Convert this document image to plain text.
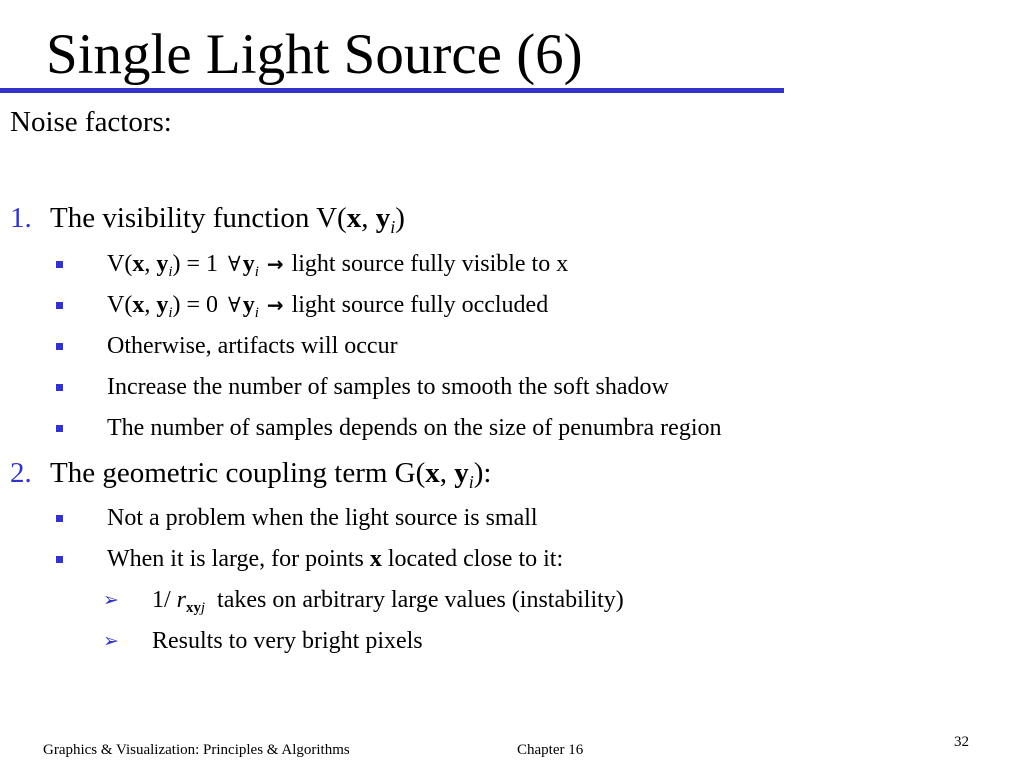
Single Light Source (6)
Noise factors:
1. The visibility function V(x, $y_i$)
V(x, $y_i) = 1$ $\forall y_i$ → light source fully visible to x
V(x, $y_i) = 0$ $\forall y_i$ → light source fully occluded
Otherwise, artifacts will occur
Increase the number of samples to smooth the soft shadow
The number of samples depends on the size of penumbra region
2. The geometric coupling term G(x, $y_i$):
Not a problem when the light source is small
When it is large, for points x located close to it:
➢ 1/ $r_{xyj}$ takes on arbitrary large values (instability)
➢ Results to very bright pixels
Graphics & Visualization: Principles & Algorithms	Chapter 16	32
